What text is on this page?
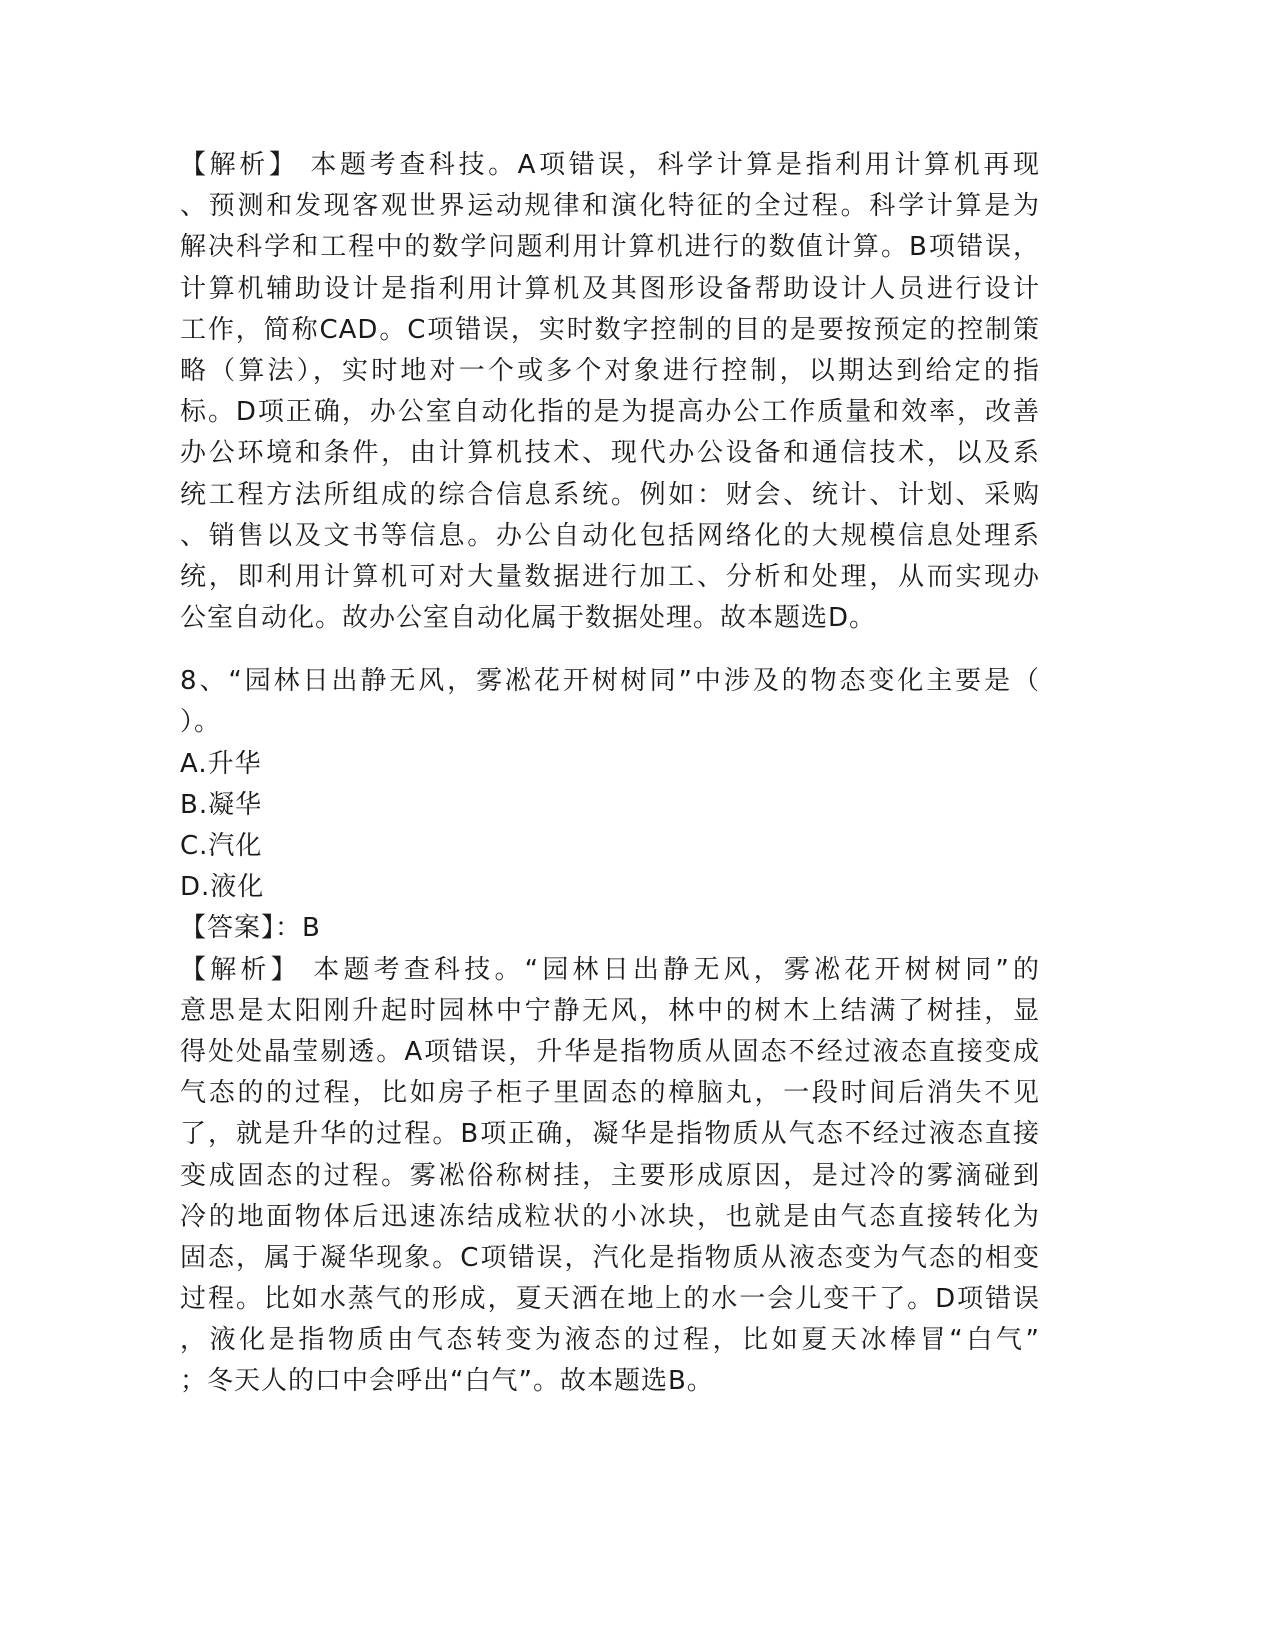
【解析】 本题考查科技。A项错误，科学计算是指利用计算机再现
、预测和发现客观世界运动规律和演化特征的全过程。科学计算是为
解决科学和工程中的数学问题利用计算机进行的数值计算。B项错误，
计算机辅助设计是指利用计算机及其图形设备帮助设计人员进行设计
工作，简称CAD。C项错误，实时数字控制的目的是要按预定的控制策
略（算法），实时地对一个或多个对象进行控制，以期达到给定的指
标。D项正确，办公室自动化指的是为提高办公工作质量和效率，改善
办公环境和条件，由计算机技术、现代办公设备和通信技术，以及系
统工程方法所组成的综合信息系统。例如：财会、统计、计划、采购
、销售以及文书等信息。办公自动化包括网络化的大规模信息处理系
统，即利用计算机可对大量数据进行加工、分析和处理，从而实现办
公室自动化。故办公室自动化属于数据处理。故本题选D。
8、“园林日出静无风，雾凇花开树树同”中涉及的物态变化主要是（
）。
A.升华
B.凝华
C.汽化
D.液化
【答案】：B
【解析】 本题考查科技。“园林日出静无风，雾凇花开树树同”的
意思是太阳刚升起时园林中宁静无风，林中的树木上结满了树挂，显
得处处晶莹剔透。A项错误，升华是指物质从固态不经过液态直接变成
气态的的过程，比如房子柜子里固态的樟脑丸，一段时间后消失不见
了，就是升华的过程。B项正确，凝华是指物质从气态不经过液态直接
变成固态的过程。雾凇俗称树挂，主要形成原因，是过冷的雾滴碰到
冷的地面物体后迅速冻结成粒状的小冰块，也就是由气态直接转化为
固态，属于凝华现象。C项错误，汽化是指物质从液态变为气态的相变
过程。比如水蒸气的形成，夏天洒在地上的水一会儿变干了。D项错误
，液化是指物质由气态转变为液态的过程，比如夏天冰棒冒“白气”
；冬天人的口中会呼出“白气”。故本题选B。
